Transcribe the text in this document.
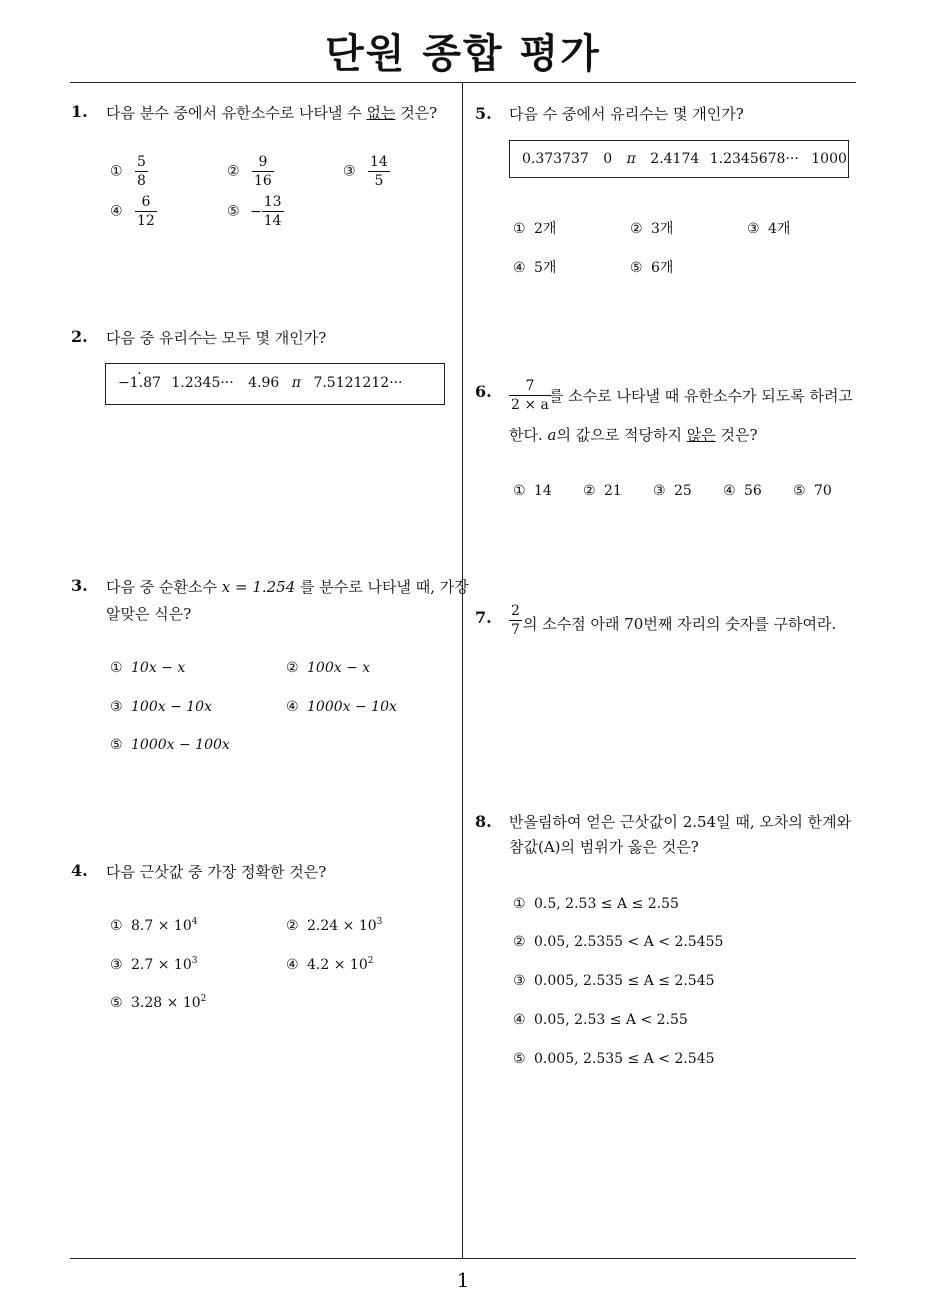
단원 종합 평가
1
1. 다음 분수 중에서 유한소수로 나타낼 수 없는 것은?
① $\frac{5}{8}$	② $\frac{9}{16}$	③ $\frac{14}{5}$
④ $\frac{6}{12}$	⑤ − $\frac{13}{14}$
2. 다음 중 유리수는 모두 몇 개인가?
· −1.87 1.2345··· 4.96 π 7.5121212···
3. 다음 중 순환소수 x = 1.254 를 분수로 나타낼 때, 가장
알맞은 식은?
① 10x − x	② 100x − x
③ 100x − 10x	④ 1000x − 10x
⑤ 1000x − 100x
4. 다음 근삿값 중 가장 정확한 것은?
① $8.7 \times 10^4$	② $2.24 \times 10^3$
③ $2.7 \times 10^3$	④ $4.2 \times 10^2$
⑤ $3.28 \times 10^2$
5. 다음 수 중에서 유리수는 몇 개인가?
0.373737 0 π 2.4174 1.2345678··· 1000
① 2개	② 3개	③ 4개
④ 5개	⑤ 6개
6. $\frac{7}{2 \times a}$
를 소수로 나타낼 때 유한소수가 되도록 하려고
한다. a의 값으로 적당하지 않은 것은?
① 14 ② 21 ③ 25 ④ 56 ⑤ 70
7. $\frac{2}{7}$ 의 소수점 아래 70번째 자리의 숫자를 구하여라.
8. 반올림하여 얻은 근삿값이 2.54일 때, 오차의 한계와
참값(A)의 범위가 옳은 것은?
① 0.5, 2.53 ≤ A ≤ 2.55
② 0.05, 2.5355 < A < 2.5455
③ 0.005, 2.535 ≤ A ≤ 2.545
④ 0.05, 2.53 ≤ A < 2.55
⑤ 0.005, 2.535 ≤ A < 2.545
